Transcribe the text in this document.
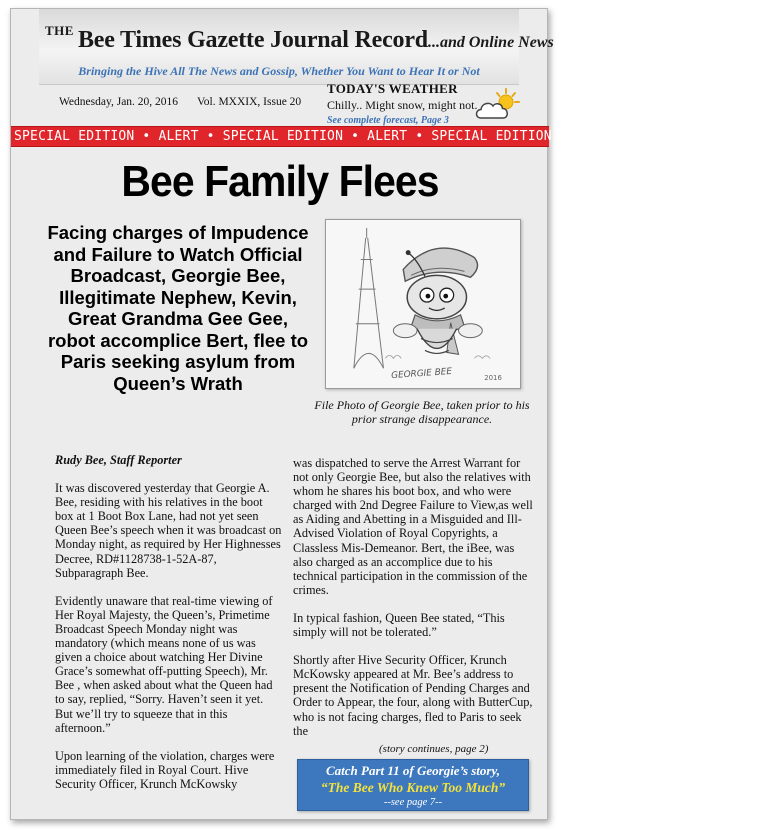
$^{THE}$ Bee Times Gazette Journal Record...and Online News
Bringing the Hive All The News and Gossip, Whether You Want to Hear It or Not
Wednesday, Jan. 20, 2016 Vol. MXXIX, Issue 20
TODAY'S WEATHER
Chilly.. Might snow, might not.
See complete forecast, Page 3
SPECIAL EDITION • ALERT • SPECIAL EDITION • ALERT • SPECIAL EDITION • ALERT • SPECIAL EDITION
Bee Family Flees
Facing charges of Impudence and Failure to Watch Official Broadcast, Georgie Bee, Illegitimate Nephew, Kevin, Great Grandma Gee Gee, robot accomplice Bert, flee to Paris seeking asylum from Queen’s Wrath	GEORGIE BEE	2016
File Photo of Georgie Bee, taken prior to his prior strange disappearance.

Rudy Bee, Staff Reporter

It was discovered yesterday that Georgie A. Bee, residing with his relatives in the boot box at 1 Boot Box Lane, had not yet seen Queen Bee’s speech when it was broadcast on Monday night, as required by Her Highnesses Decree, RD#1128738-1-52A-87, Subparagraph Bee.

Evidently unaware that real-time viewing of Her Royal Majesty, the Queen’s, Primetime Broadcast Speech Monday night was mandatory (which means none of us was given a choice about watching Her Divine Grace’s somewhat off-putting Speech), Mr. Bee , when asked about what the Queen had to say, replied, “Sorry. Haven’t seen it yet. But we’ll try to squeeze that in this afternoon.”

Upon learning of the violation, charges were immediately filed in Royal Court. Hive Security Officer, Krunch McKowsky

was dispatched to serve the Arrest Warrant for not only Georgie Bee, but also the relatives with whom he shares his boot box, and who were charged with 2nd Degree Failure to View,as well as Aiding and Abetting in a Misguided and Ill-Advised Violation of Royal Copyrights, a Classless Mis-Demeanor. Bert, the iBee, was also charged as an accomplice due to his technical participation in the commission of the crimes.

In typical fashion, Queen Bee stated, “This simply will not be tolerated.”

Shortly after Hive Security Officer, Krunch McKowsky appeared at Mr. Bee’s address to present the Notification of Pending Charges and Order to Appear, the four, along with ButterCup, who is not facing charges, fled to Paris to seek the

(story continues, page 2)
Catch Part 11 of Georgie’s story,
“The Bee Who Knew Too Much”
--see page 7--
